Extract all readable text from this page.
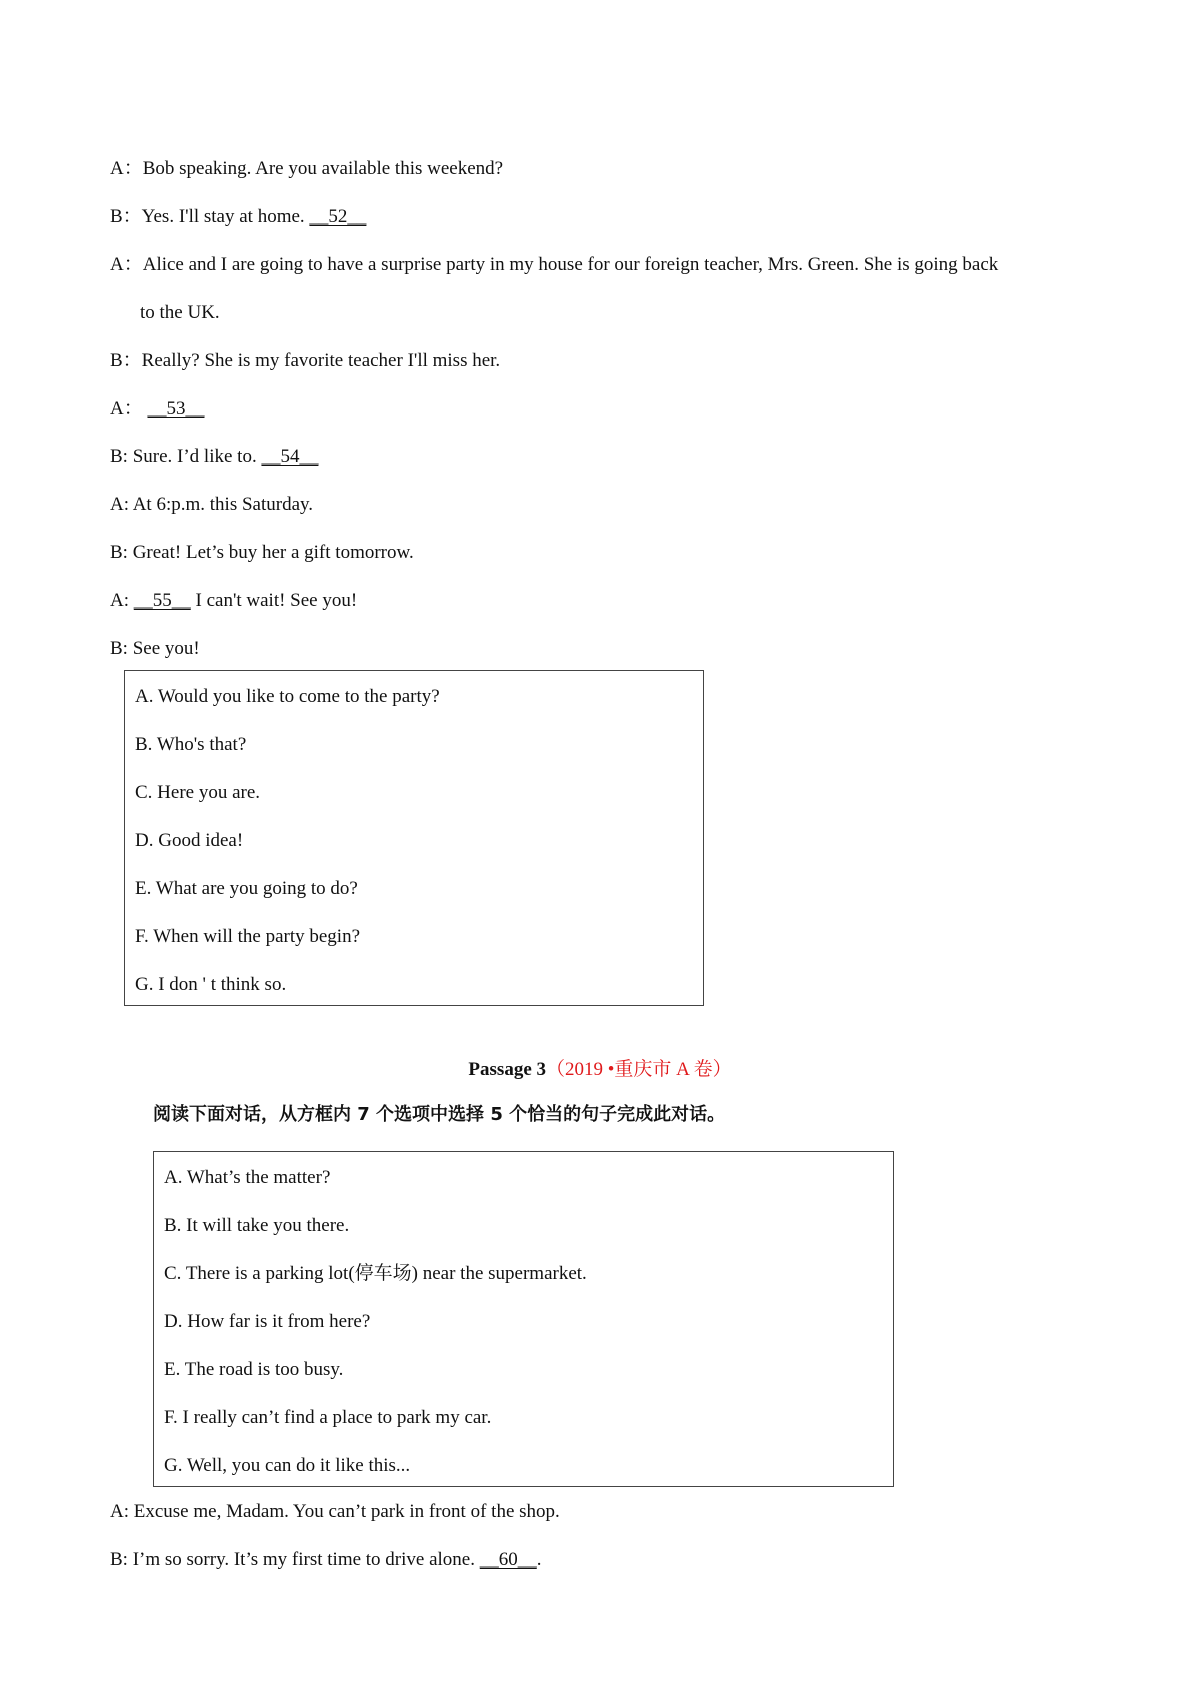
A：Bob speaking. Are you available this weekend?
B：Yes. I'll stay at home. __52__
A：Alice and I are going to have a surprise party in my house for our foreign teacher, Mrs. Green. She is going back
to the UK.
B：Really? She is my favorite teacher I'll miss her.
A： __53__
B: Sure. I’d like to. __54__
A: At 6:p.m. this Saturday.
B: Great! Let’s buy her a gift tomorrow.
A: __55__ I can't wait! See you!
B: See you!
A. Would you like to come to the party?
B. Who's that?
C. Here you are.
D. Good idea!
E. What are you going to do?
F. When will the party begin?
G. I don ' t think so.
Passage 3（2019 •重庆市 A 卷）
阅读下面对话，从方框内 7 个选项中选择 5 个恰当的句子完成此对话。
A. What’s the matter?
B. It will take you there.
C. There is a parking lot(停车场) near the supermarket.
D. How far is it from here?
E. The road is too busy.
F. I really can’t find a place to park my car.
G. Well, you can do it like this...
A: Excuse me, Madam. You can’t park in front of the shop.
B: I’m so sorry. It’s my first time to drive alone. __60__.
